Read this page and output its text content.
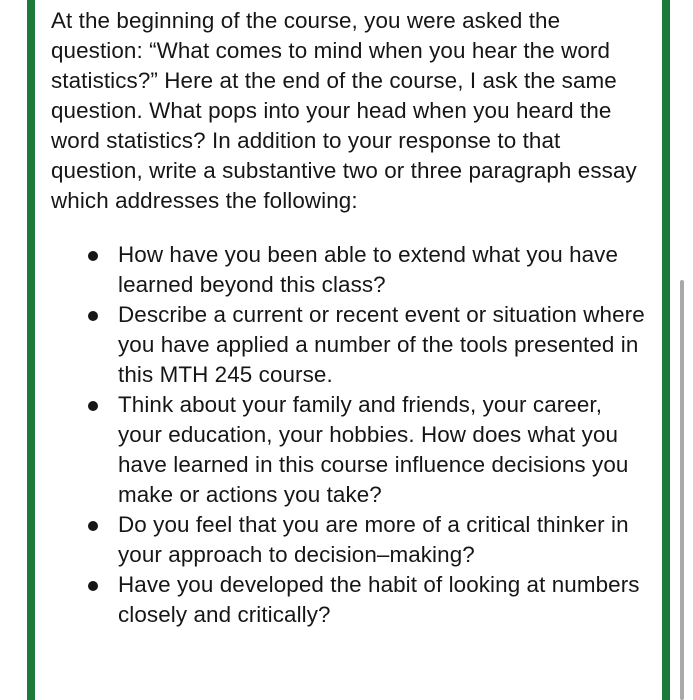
At the beginning of the course, you were asked the question: “What comes to mind when you hear the word statistics?” Here at the end of the course, I ask the same question. What pops into your head when you heard the word statistics? In addition to your response to that question, write a substantive two or three paragraph essay which addresses the following:

How have you been able to extend what you have learned beyond this class?
Describe a current or recent event or situation where you have applied a number of the tools presented in this MTH 245 course.
Think about your family and friends, your career, your education, your hobbies. How does what you have learned in this course influence decisions you make or actions you take?
Do you feel that you are more of a critical thinker in your approach to decision–making?
Have you developed the habit of looking at numbers closely and critically?
